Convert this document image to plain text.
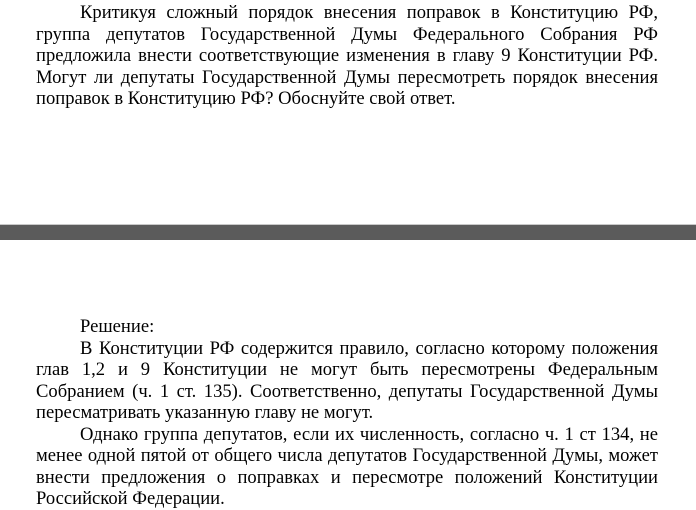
Критикуя сложный порядок внесения поправок в Конституцию РФ, группа депутатов Государственной Думы Федерального Собрания РФ предложила внести соответствующие изменения в главу 9 Конституции РФ. Могут ли депутаты Государственной Думы пересмотреть порядок внесения поправок в Конституцию РФ? Обоснуйте свой ответ.

Решение:

В Конституции РФ содержится правило, согласно которому положения глав 1,2 и 9 Конституции не могут быть пересмотрены Федеральным Собранием (ч. 1 ст. 135). Соответственно, депутаты Государственной Думы пересматривать указанную главу не могут.

Однако группа депутатов, если их численность, согласно ч. 1 ст 134, не менее одной пятой от общего числа депутатов Государственной Думы, может внести предложения о поправках и пересмотре положений Конституции Российской Федерации.
